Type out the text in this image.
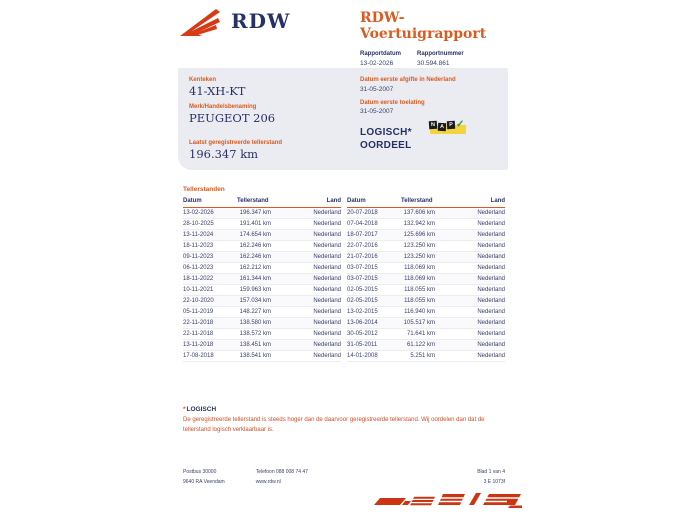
RDW	RDW-Voertuigrapport
Rapportdatum
13-02-2026
Rapportnummer
30.594.861
Kenteken
41-XH-KT
Merk/Handelsbenaming
PEUGEOT 206
Laatst geregistreerde tellerstand
196.347 km
Datum eerste afgifte in Nederland
31-05-2007
Datum eerste toelating
31-05-2007
LOGISCH*
OORDEEL
N A P ✓
Tellerstanden
Datum	Tellerstand	Land
13-02-2026	196.347 km	Nederland
28-10-2025	191.401 km	Nederland
13-11-2024	174.654 km	Nederland
18-11-2023	162.246 km	Nederland
09-11-2023	162.246 km	Nederland
06-11-2023	162.212 km	Nederland
18-11-2022	161.344 km	Nederland
10-11-2021	159.963 km	Nederland
22-10-2020	157.034 km	Nederland
05-11-2019	148.227 km	Nederland
22-11-2018	138.580 km	Nederland
22-11-2018	138.572 km	Nederland
13-11-2018	138.451 km	Nederland
17-08-2018	138.541 km	Nederland
Datum	Tellerstand	Land
20-07-2018	137.606 km	Nederland
07-04-2018	132.942 km	Nederland
18-07-2017	125.696 km	Nederland
22-07-2016	123.250 km	Nederland
21-07-2016	123.250 km	Nederland
03-07-2015	118.069 km	Nederland
03-07-2015	118.069 km	Nederland
02-05-2015	118.055 km	Nederland
02-05-2015	118.055 km	Nederland
13-02-2015	116.940 km	Nederland
13-06-2014	105.517 km	Nederland
30-05-2012	71.641 km	Nederland
31-05-2011	61.122 km	Nederland
14-01-2008	5.251 km	Nederland
*LOGISCH
De geregistreerde tellerstand is steeds hoger dan de daarvoor geregistreerde tellerstand. Wij oordelen dan dat de tellerstand logisch verklaarbaar is.
Postbus 30000
9640 RA Veendam
Telefoon 088 008 74 47
www.rdw.nl
Blad 1 van 4
3 E 1073f
